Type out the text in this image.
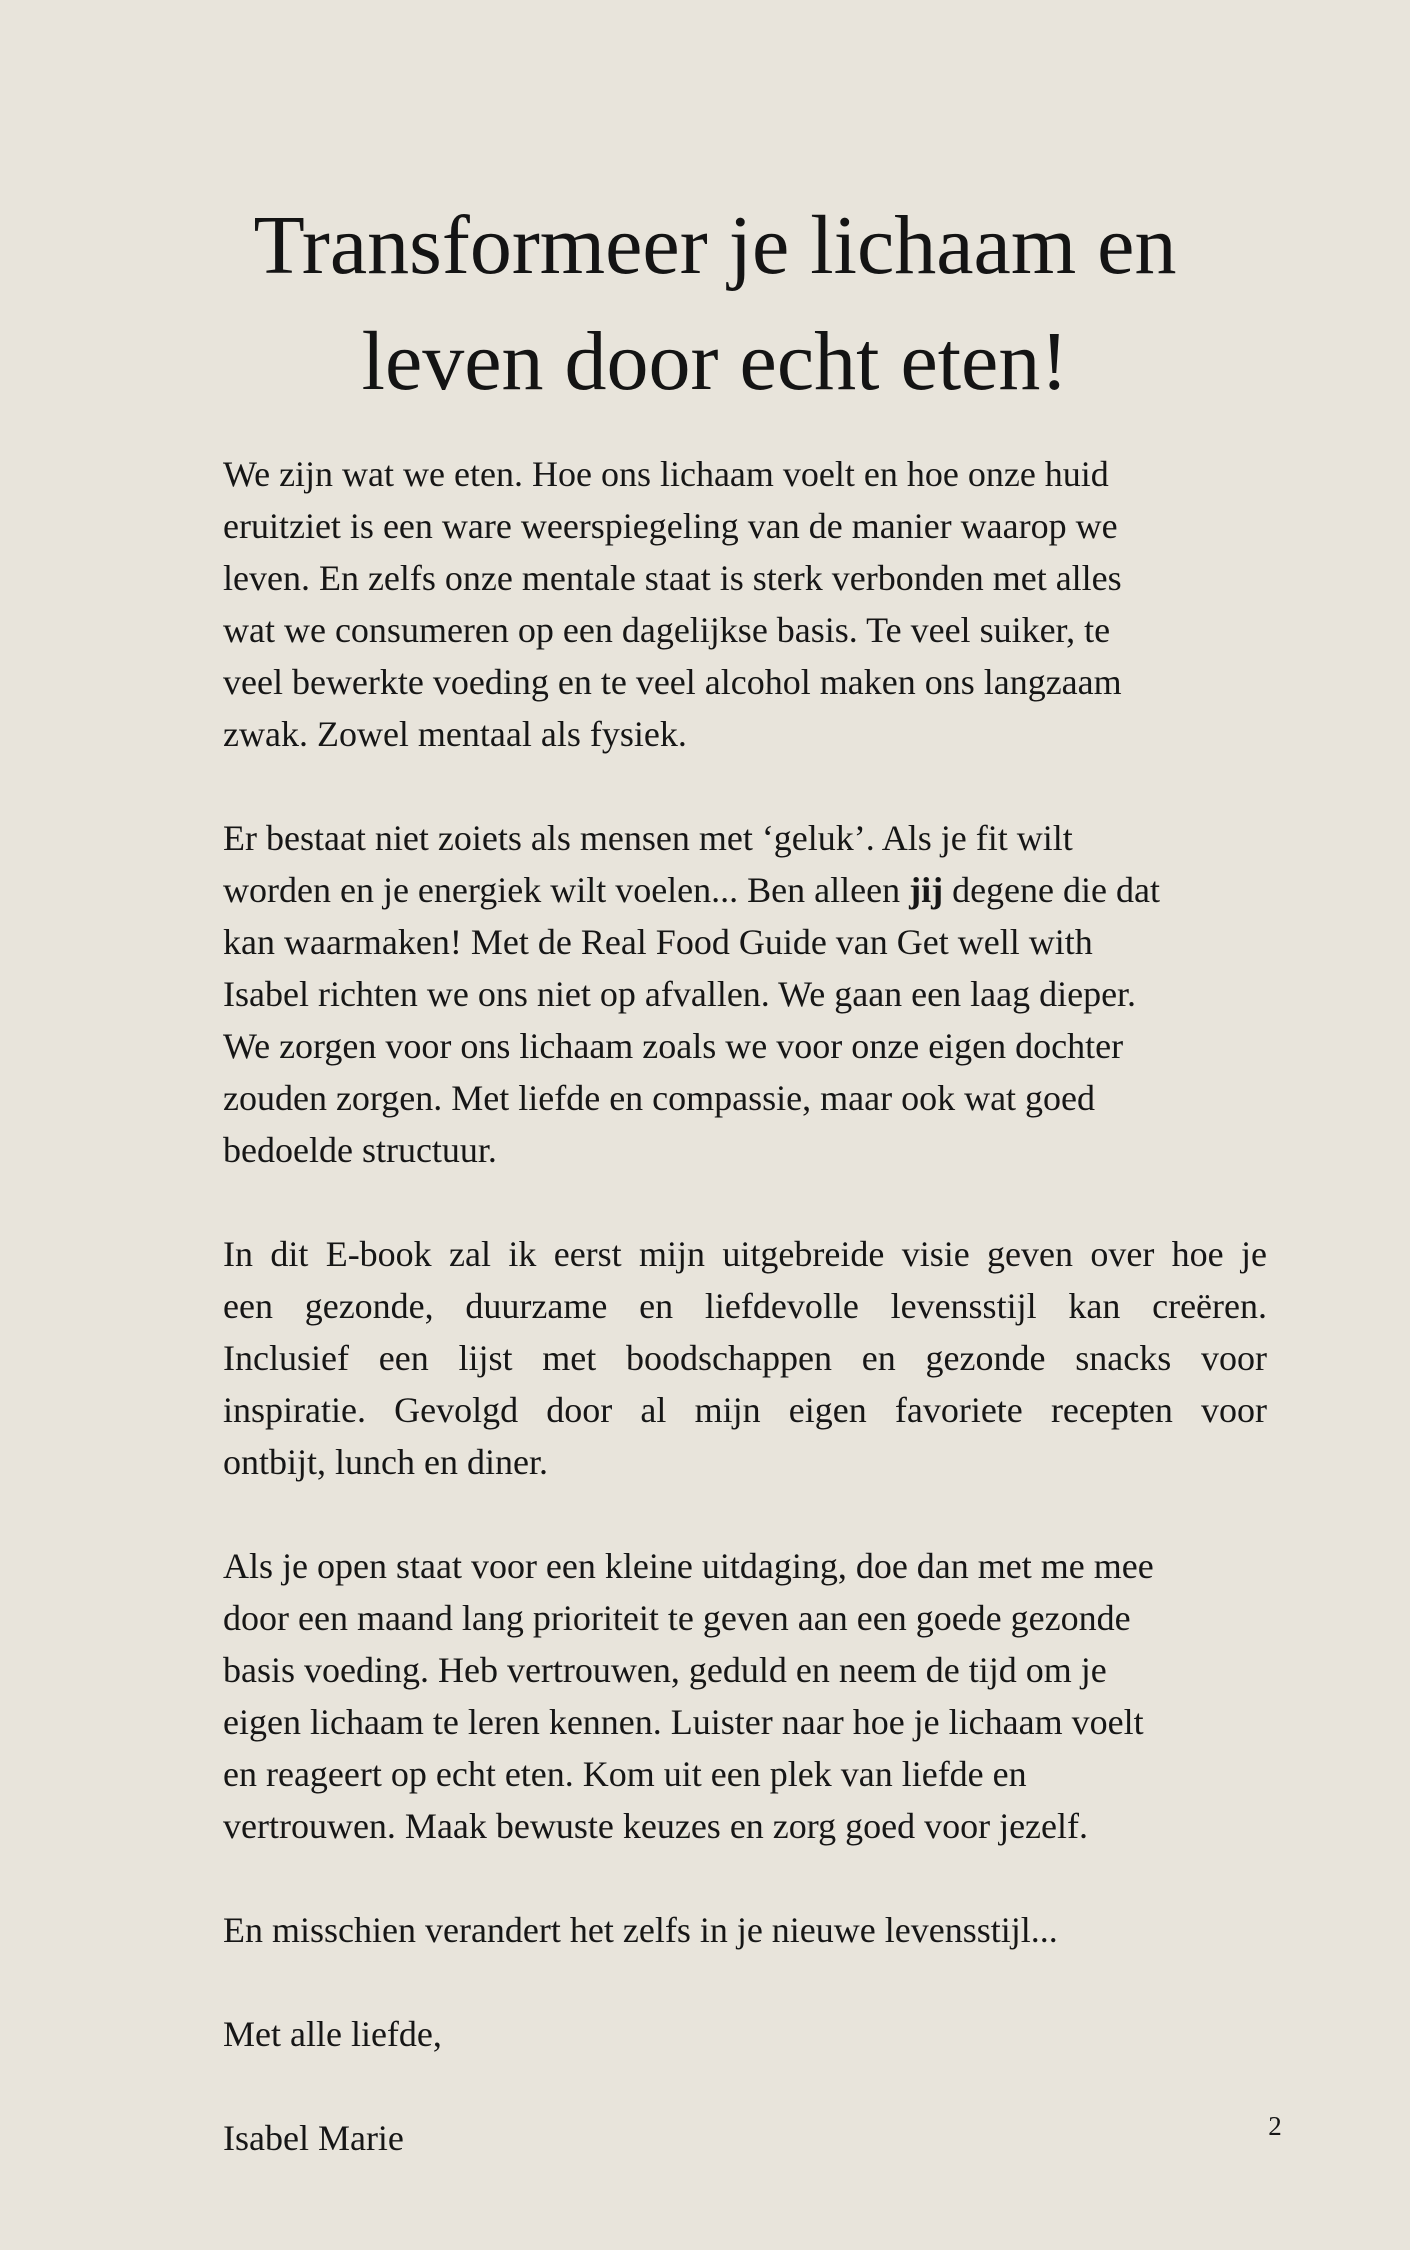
Transformeer je lichaam en
leven door echt eten!

We zijn wat we eten. Hoe ons lichaam voelt en hoe onze huid
eruitziet is een ware weerspiegeling van de manier waarop we
leven. En zelfs onze mentale staat is sterk verbonden met alles
wat we consumeren op een dagelijkse basis. Te veel suiker, te
veel bewerkte voeding en te veel alcohol maken ons langzaam
zwak. Zowel mentaal als fysiek.

Er bestaat niet zoiets als mensen met ‘geluk’. Als je fit wilt
worden en je energiek wilt voelen... Ben alleen jij degene die dat
kan waarmaken! Met de Real Food Guide van Get well with
Isabel richten we ons niet op afvallen. We gaan een laag dieper.
We zorgen voor ons lichaam zoals we voor onze eigen dochter
zouden zorgen. Met liefde en compassie, maar ook wat goed
bedoelde structuur.

In dit E-book zal ik eerst mijn uitgebreide visie geven over hoe je
een gezonde, duurzame en liefdevolle levensstijl kan creëren.
Inclusief een lijst met boodschappen en gezonde snacks voor
inspiratie. Gevolgd door al mijn eigen favoriete recepten voor
ontbijt, lunch en diner.

Als je open staat voor een kleine uitdaging, doe dan met me mee
door een maand lang prioriteit te geven aan een goede gezonde
basis voeding. Heb vertrouwen, geduld en neem de tijd om je
eigen lichaam te leren kennen. Luister naar hoe je lichaam voelt
en reageert op echt eten. Kom uit een plek van liefde en
vertrouwen. Maak bewuste keuzes en zorg goed voor jezelf.

En misschien verandert het zelfs in je nieuwe levensstijl...

Met alle liefde,

Isabel Marie	2
